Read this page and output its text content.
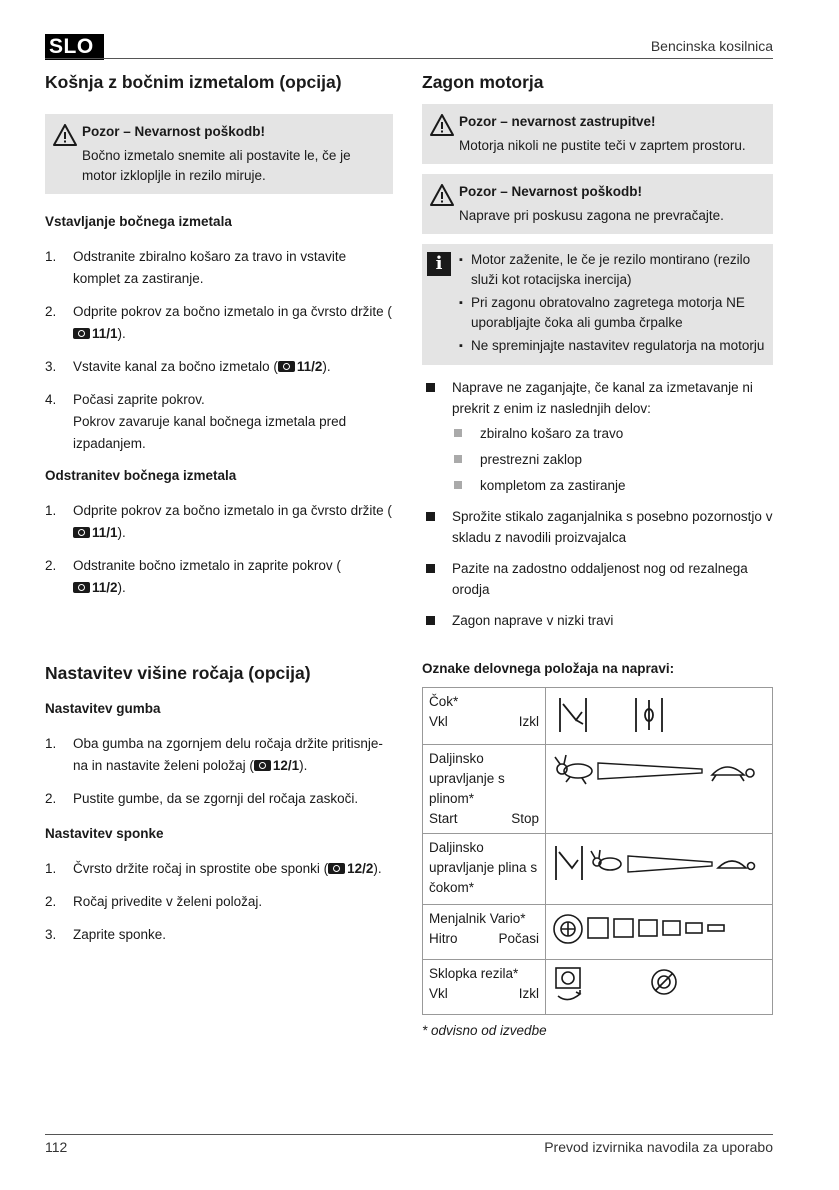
SLO	Bencinska kosilnica
Košnja z bočnim izmetalom (opcija)
Pozor – Nevarnost poškodb!
Bočno izmetalo snemite ali postavite le, če je motor izklopljle in rezilo miruje.
Vstavljanje bočnega izmetala
1. Odstranite zbiralno košaro za travo in vstavite komplet za zastiranje.
2. Odprite pokrov za bočno izmetalo in ga čvrsto držite (11/1).
3. Vstavite kanal za bočno izmetalo ( 11/2).
4. Počasi zaprite pokrov.
Pokrov zavaruje kanal bočnega izmetala pred izpadanjem.
Odstranitev bočnega izmetala
1. Odprite pokrov za bočno izmetalo in ga čvrsto držite (11/1).
2. Odstranite bočno izmetalo in zaprite pokrov (11/2).
Nastavitev višine ročaja (opcija)
Nastavitev gumba
1. Oba gumba na zgornjem delu ročaja držite pritisnje-na in nastavite želeni položaj ( 12/1).
2. Pustite gumbe, da se zgornji del ročaja zaskoči.
Nastavitev sponke
1. Čvrsto držite ročaj in sprostite obe sponki ( 12/2).
2. Ročaj privedite v želeni položaj.
3. Zaprite sponke.
Zagon motorja
Pozor – nevarnost zastrupitve!
Motorja nikoli ne pustite teči v zaprtem prostoru.
Pozor – Nevarnost poškodb!
Naprave pri poskusu zagona ne prevračajte.
i	▪ Motor zaženite, le če je rezilo montirano (rezilo služi kot rotacijska inercija)
▪ Pri zagonu obratovalno zagretega motorja NE uporabljajte čoka ali gumba črpalke
▪ Ne spreminjajte nastavitev regulatorja na motorju
Naprave ne zaganjajte, če kanal za izmetavanje ni prekrit z enim iz naslednjih delov:
zbiralno košaro za travo
prestrezni zaklop
kompletom za zastiranje
Sprožite stikalo zaganjalnika s posebno pozornostjo v skladu z navodili proizvajalca
Pazite na zadostno oddaljenost nog od rezalnega orodja
Zagon naprave v nizki travi
Oznake delovnega položaja na napravi:
Čok*
Vkl Izkl

Daljinsko upravljanje s plinom*
Start Stop

Daljinsko upravljanje plina s čokom*

Menjalnik Vario*
Hitro Počasi

Sklopka rezila*
Vkl Izkl

* odvisno od izvedbe
112	Prevod izvirnika navodila za uporabo
